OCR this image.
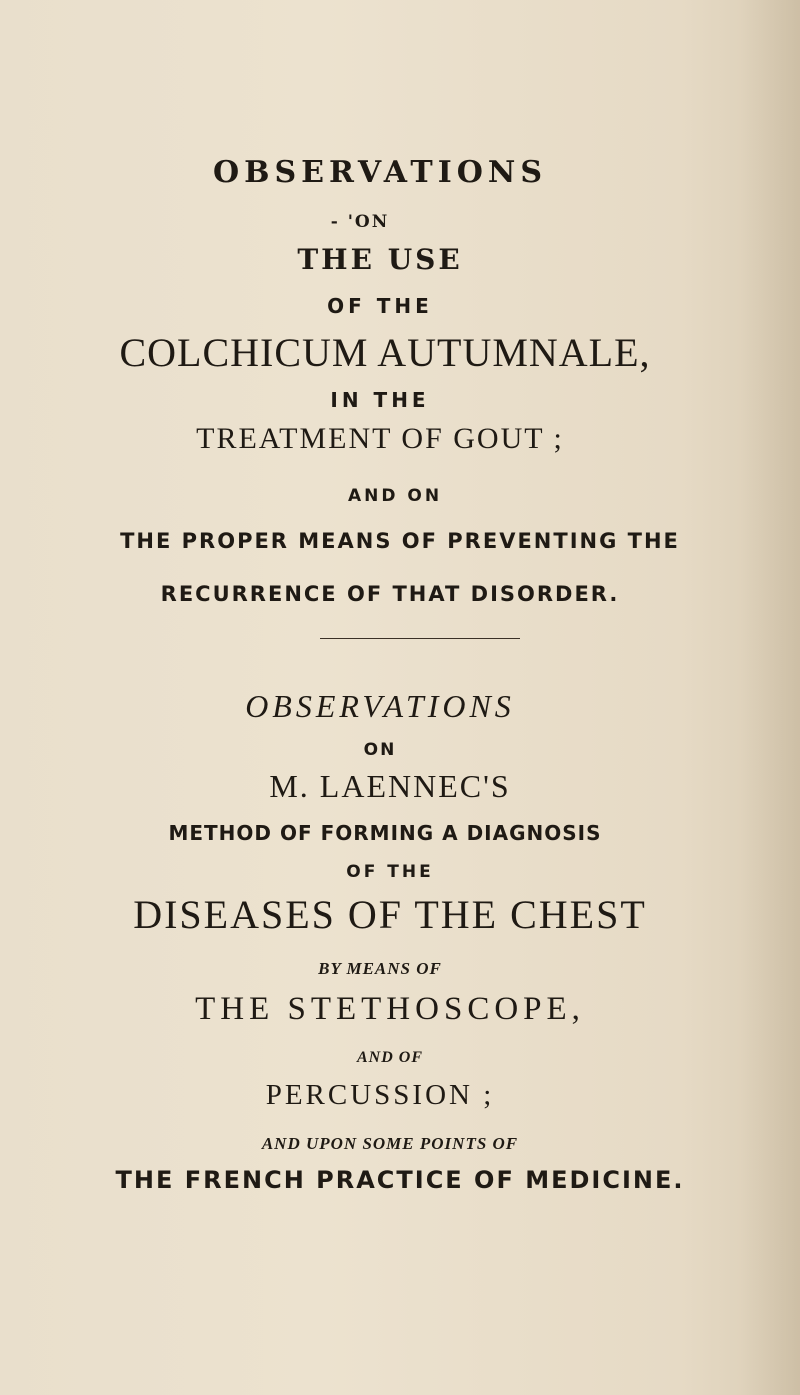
OBSERVATIONS
- 'ON
THE USE
OF THE
COLCHICUM AUTUMNALE,
IN THE
TREATMENT OF GOUT ;
AND ON
THE PROPER MEANS OF PREVENTING THE
RECURRENCE OF THAT DISORDER.
OBSERVATIONS
ON
M. LAENNEC'S
METHOD OF FORMING A DIAGNOSIS
OF THE
DISEASES OF THE CHEST
BY MEANS OF
THE STETHOSCOPE,
AND OF
PERCUSSION ;
AND UPON SOME POINTS OF
THE FRENCH PRACTICE OF MEDICINE.
